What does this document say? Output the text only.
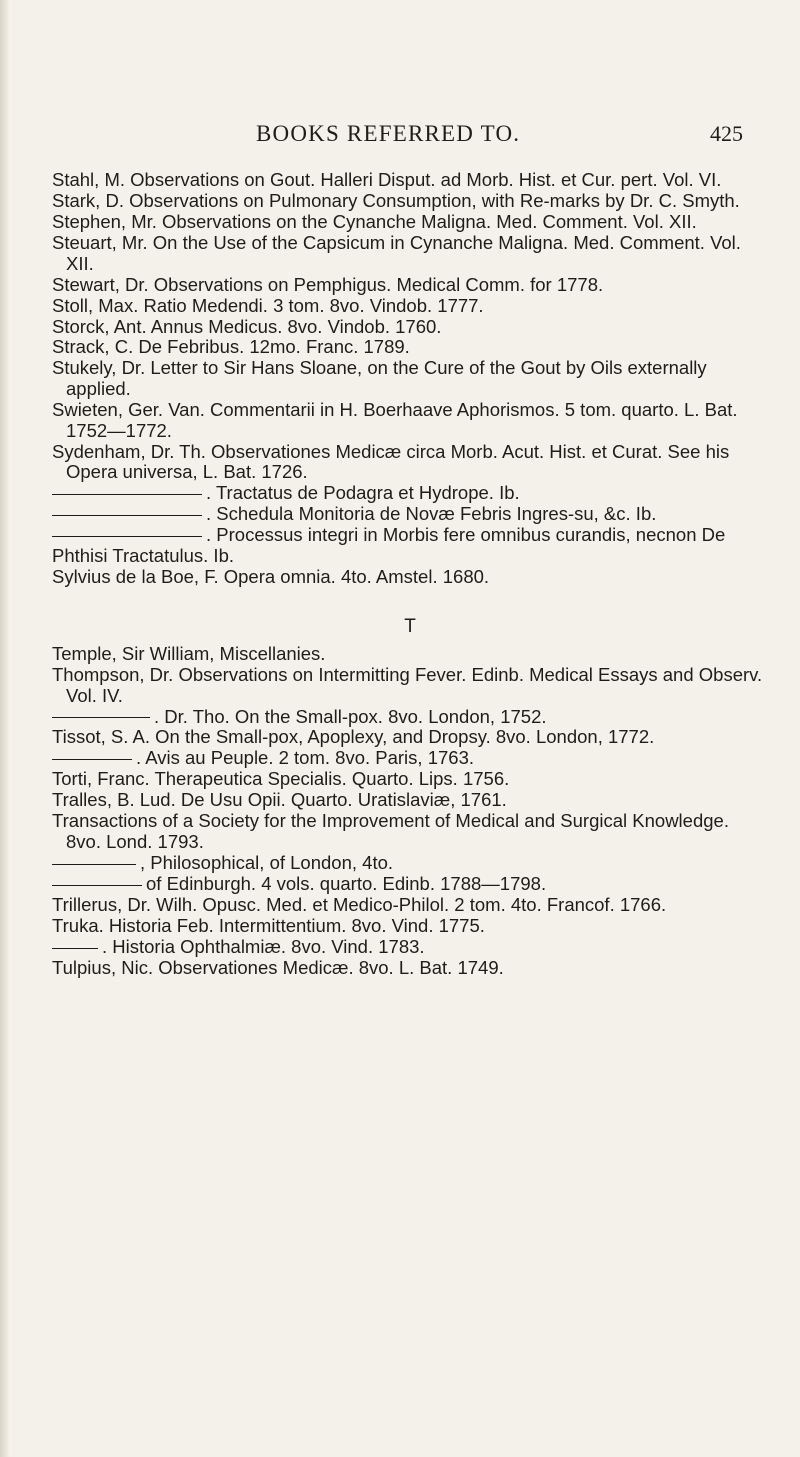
BOOKS REFERRED TO.	425

Stahl, M. Observations on Gout. Halleri Disput. ad Morb. Hist. et Cur. pert. Vol. VI.

Stark, D. Observations on Pulmonary Consumption, with Re-marks by Dr. C. Smyth.

Stephen, Mr. Observations on the Cynanche Maligna. Med. Comment. Vol. XII.

Steuart, Mr. On the Use of the Capsicum in Cynanche Maligna. Med. Comment. Vol. XII.

Stewart, Dr. Observations on Pemphigus. Medical Comm. for 1778.

Stoll, Max. Ratio Medendi. 3 tom. 8vo. Vindob. 1777.

Storck, Ant. Annus Medicus. 8vo. Vindob. 1760.

Strack, C. De Febribus. 12mo. Franc. 1789.

Stukely, Dr. Letter to Sir Hans Sloane, on the Cure of the Gout by Oils externally applied.

Swieten, Ger. Van. Commentarii in H. Boerhaave Aphorismos. 5 tom. quarto. L. Bat. 1752—1772.

Sydenham, Dr. Th. Observationes Medicæ circa Morb. Acut. Hist. et Curat. See his Opera universa, L. Bat. 1726.

. Tractatus de Podagra et Hydrope. Ib.

. Schedula Monitoria de Novæ Febris Ingres-su, &c. Ib.

. Processus integri in Morbis fere omnibus curandis, necnon De Phthisi Tractatulus. Ib.

Sylvius de la Boe, F. Opera omnia. 4to. Amstel. 1680.

T

Temple, Sir William, Miscellanies.

Thompson, Dr. Observations on Intermitting Fever. Edinb. Medical Essays and Observ. Vol. IV.

. Dr. Tho. On the Small-pox. 8vo. London, 1752.

Tissot, S. A. On the Small-pox, Apoplexy, and Dropsy. 8vo. London, 1772.

. Avis au Peuple. 2 tom. 8vo. Paris, 1763.

Torti, Franc. Therapeutica Specialis. Quarto. Lips. 1756.

Tralles, B. Lud. De Usu Opii. Quarto. Uratislaviæ, 1761.

Transactions of a Society for the Improvement of Medical and Surgical Knowledge. 8vo. Lond. 1793.

, Philosophical, of London, 4to.

of Edinburgh. 4 vols. quarto. Edinb. 1788—1798.

Trillerus, Dr. Wilh. Opusc. Med. et Medico-Philol. 2 tom. 4to. Francof. 1766.

Truka. Historia Feb. Intermittentium. 8vo. Vind. 1775.

. Historia Ophthalmiæ. 8vo. Vind. 1783.

Tulpius, Nic. Observationes Medicæ. 8vo. L. Bat. 1749.
